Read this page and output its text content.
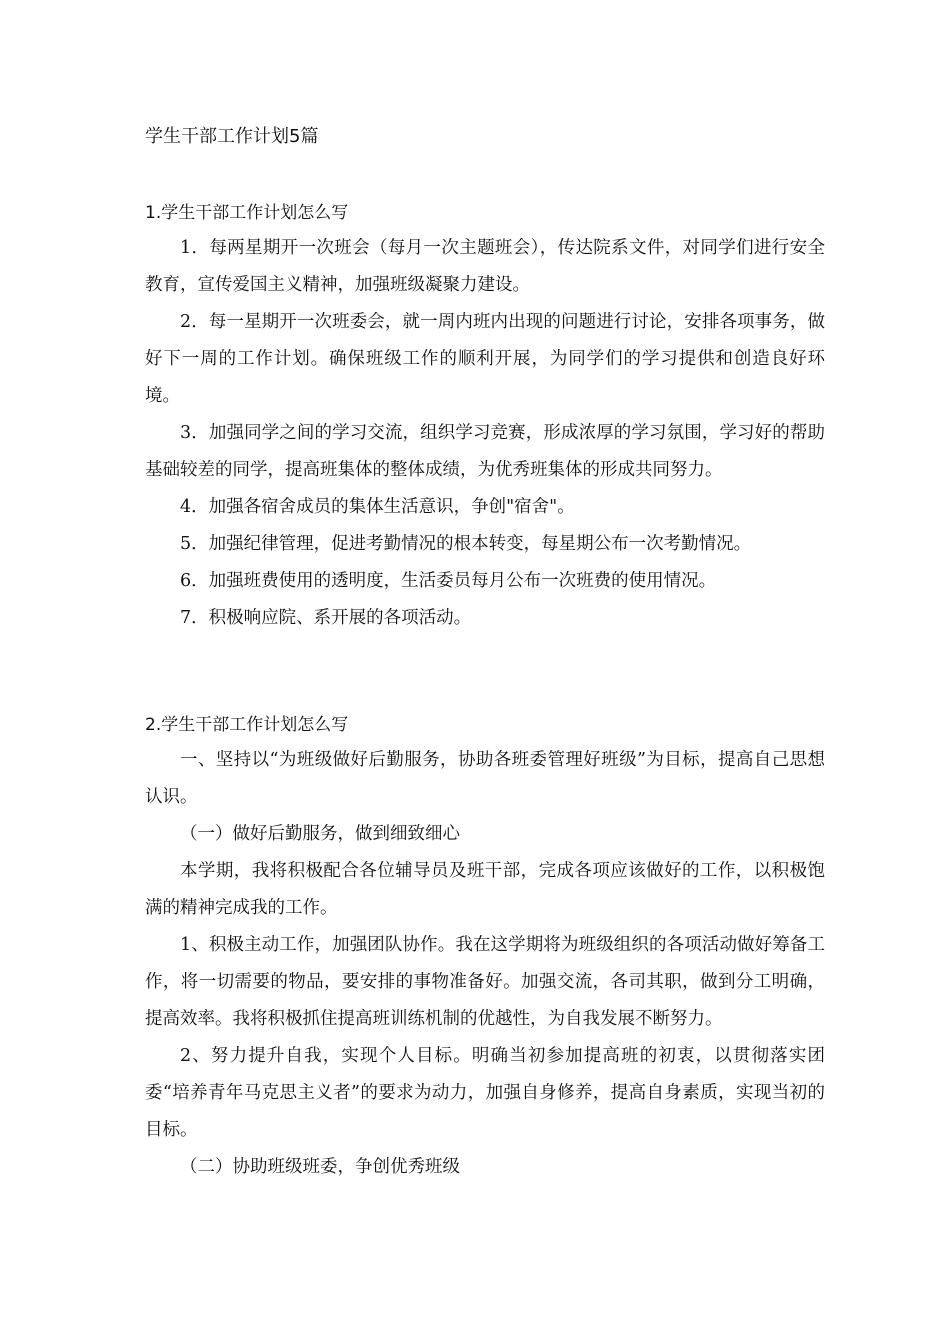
学生干部工作计划5篇
1.学生干部工作计划怎么写

1．每两星期开一次班会（每月一次主题班会），传达院系文件，对同学们进行安全教育，宣传爱国主义精神，加强班级凝聚力建设。

2．每一星期开一次班委会，就一周内班内出现的问题进行讨论，安排各项事务，做好下一周的工作计划。确保班级工作的顺利开展，为同学们的学习提供和创造良好环境。

3．加强同学之间的学习交流，组织学习竞赛，形成浓厚的学习氛围，学习好的帮助基础较差的同学，提高班集体的整体成绩，为优秀班集体的形成共同努力。

4．加强各宿舍成员的集体生活意识，争创"宿舍"。

5．加强纪律管理，促进考勤情况的根本转变，每星期公布一次考勤情况。

6．加强班费使用的透明度，生活委员每月公布一次班费的使用情况。

7．积极响应院、系开展的各项活动。

2.学生干部工作计划怎么写

一、坚持以“为班级做好后勤服务，协助各班委管理好班级”为目标，提高自己思想认识。

（一）做好后勤服务，做到细致细心

本学期，我将积极配合各位辅导员及班干部，完成各项应该做好的工作，以积极饱满的精神完成我的工作。

1、积极主动工作，加强团队协作。我在这学期将为班级组织的各项活动做好筹备工作，将一切需要的物品，要安排的事物准备好。加强交流，各司其职，做到分工明确，提高效率。我将积极抓住提高班训练机制的优越性，为自我发展不断努力。

2、努力提升自我，实现个人目标。明确当初参加提高班的初衷，以贯彻落实团委“培养青年马克思主义者”的要求为动力，加强自身修养，提高自身素质，实现当初的目标。

（二）协助班级班委，争创优秀班级
